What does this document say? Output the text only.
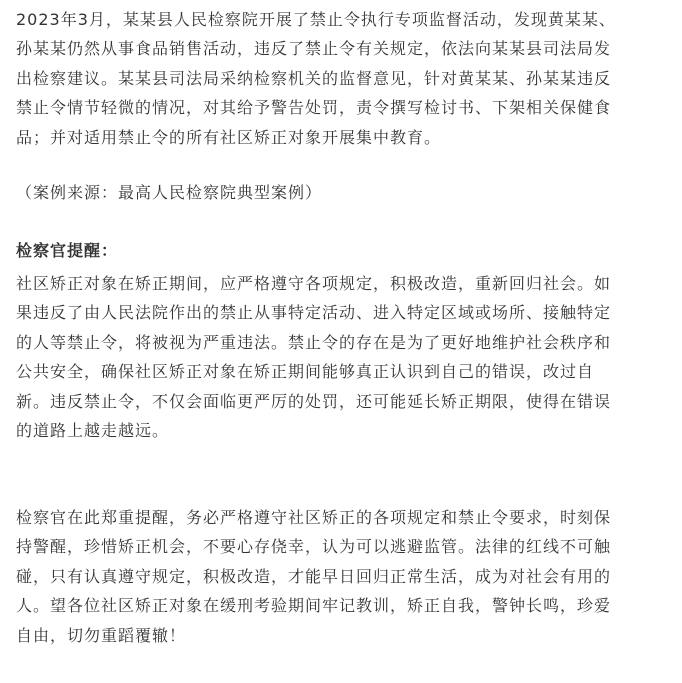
2023年3月，某某县人民检察院开展了禁止令执行专项监督活动，发现黄某某、
孙某某仍然从事食品销售活动，违反了禁止令有关规定，依法向某某县司法局发
出检察建议。某某县司法局采纳检察机关的监督意见，针对黄某某、孙某某违反
禁止令情节轻微的情况，对其给予警告处罚，责令撰写检讨书、下架相关保健食
品；并对适用禁止令的所有社区矫正对象开展集中教育。

（案例来源：最高人民检察院典型案例）

检察官提醒：

社区矫正对象在矫正期间，应严格遵守各项规定，积极改造，重新回归社会。如
果违反了由人民法院作出的禁止从事特定活动、进入特定区域或场所、接触特定
的人等禁止令，将被视为严重违法。禁止令的存在是为了更好地维护社会秩序和
公共安全，确保社区矫正对象在矫正期间能够真正认识到自己的错误，改过自
新。违反禁止令，不仅会面临更严厉的处罚，还可能延长矫正期限，使得在错误
的道路上越走越远。

检察官在此郑重提醒，务必严格遵守社区矫正的各项规定和禁止令要求，时刻保
持警醒，珍惜矫正机会，不要心存侥幸，认为可以逃避监管。法律的红线不可触
碰，只有认真遵守规定，积极改造，才能早日回归正常生活，成为对社会有用的
人。望各位社区矫正对象在缓刑考验期间牢记教训，矫正自我，警钟长鸣，珍爱
自由，切勿重蹈覆辙！
